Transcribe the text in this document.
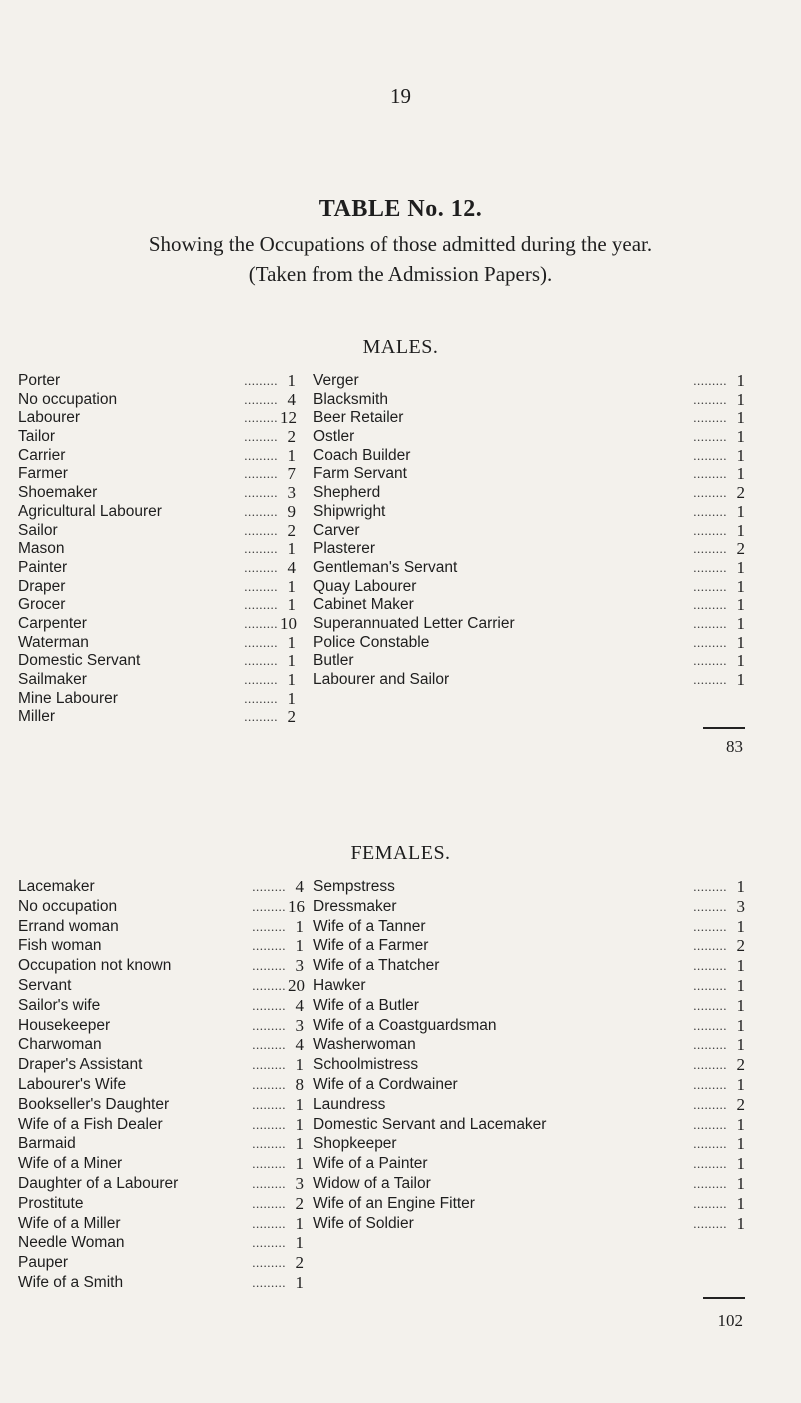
19
TABLE No. 12.
Showing the Occupations of those admitted during the year.
(Taken from the Admission Papers).
MALES.
Porter	......... 1
No occupation	......... 4
Labourer	......... 12
Tailor	......... 2
Carrier	......... 1
Farmer	......... 7
Shoemaker	......... 3
Agricultural Labourer	......... 9
Sailor	......... 2
Mason	......... 1
Painter	......... 4
Draper	......... 1
Grocer	......... 1
Carpenter	......... 10
Waterman	......... 1
Domestic Servant	......... 1
Sailmaker	......... 1
Mine Labourer	......... 1
Miller	......... 2
Verger	......... 1
Blacksmith	......... 1
Beer Retailer	......... 1
Ostler	......... 1
Coach Builder	......... 1
Farm Servant	......... 1
Shepherd	......... 2
Shipwright	......... 1
Carver	......... 1
Plasterer	......... 2
Gentleman's Servant	......... 1
Quay Labourer	......... 1
Cabinet Maker	......... 1
Superannuated Letter Carrier	......... 1
Police Constable	......... 1
Butler	......... 1
Labourer and Sailor	......... 1
83
FEMALES.
Lacemaker	......... 4
No occupation	......... 16
Errand woman	......... 1
Fish woman	......... 1
Occupation not known	......... 3
Servant	......... 20
Sailor's wife	......... 4
Housekeeper	......... 3
Charwoman	......... 4
Draper's Assistant	......... 1
Labourer's Wife	......... 8
Bookseller's Daughter	......... 1
Wife of a Fish Dealer	......... 1
Barmaid	......... 1
Wife of a Miner	......... 1
Daughter of a Labourer	......... 3
Prostitute	......... 2
Wife of a Miller	......... 1
Needle Woman	......... 1
Pauper	......... 2
Wife of a Smith	......... 1
Sempstress	......... 1
Dressmaker	......... 3
Wife of a Tanner	......... 1
Wife of a Farmer	......... 2
Wife of a Thatcher	......... 1
Hawker	......... 1
Wife of a Butler	......... 1
Wife of a Coastguardsman	......... 1
Washerwoman	......... 1
Schoolmistress	......... 2
Wife of a Cordwainer	......... 1
Laundress	......... 2
Domestic Servant and Lacemaker	......... 1
Shopkeeper	......... 1
Wife of a Painter	......... 1
Widow of a Tailor	......... 1
Wife of an Engine Fitter	......... 1
Wife of Soldier	......... 1
102
